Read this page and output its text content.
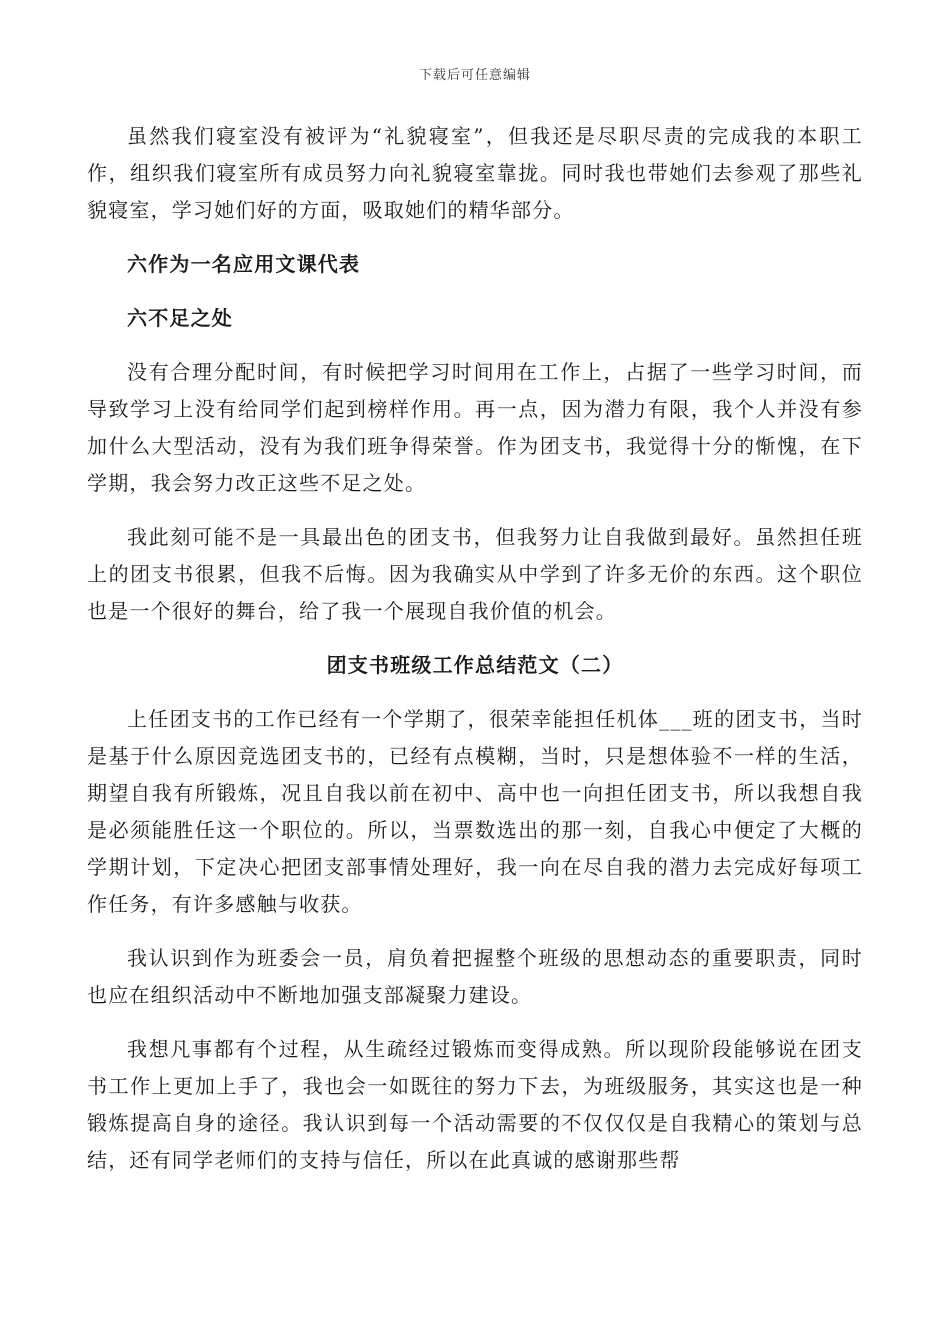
下载后可任意编辑

虽然我们寝室没有被评为“礼貌寝室”，但我还是尽职尽责的完成我的本职工作，组织我们寝室所有成员努力向礼貌寝室靠拢。同时我也带她们去参观了那些礼貌寝室，学习她们好的方面，吸取她们的精华部分。

六作为一名应用文课代表

六不足之处

没有合理分配时间，有时候把学习时间用在工作上，占据了一些学习时间，而导致学习上没有给同学们起到榜样作用。再一点，因为潜力有限，我个人并没有参加什么大型活动，没有为我们班争得荣誉。作为团支书，我觉得十分的惭愧，在下学期，我会努力改正这些不足之处。

我此刻可能不是一具最出色的团支书，但我努力让自我做到最好。虽然担任班上的团支书很累，但我不后悔。因为我确实从中学到了许多无价的东西。这个职位也是一个很好的舞台，给了我一个展现自我价值的机会。

团支书班级工作总结范文（二）

上任团支书的工作已经有一个学期了，很荣幸能担任机体___班的团支书，当时是基于什么原因竞选团支书的，已经有点模糊，当时，只是想体验不一样的生活，期望自我有所锻炼，况且自我以前在初中、高中也一向担任团支书，所以我想自我是必须能胜任这一个职位的。所以，当票数选出的那一刻，自我心中便定了大概的学期计划，下定决心把团支部事情处理好，我一向在尽自我的潜力去完成好每项工作任务，有许多感触与收获。

我认识到作为班委会一员，肩负着把握整个班级的思想动态的重要职责，同时也应在组织活动中不断地加强支部凝聚力建设。

我想凡事都有个过程，从生疏经过锻炼而变得成熟。所以现阶段能够说在团支书工作上更加上手了，我也会一如既往的努力下去，为班级服务，其实这也是一种锻炼提高自身的途径。我认识到每一个活动需要的不仅仅仅是自我精心的策划与总结，还有同学老师们的支持与信任，所以在此真诚的感谢那些帮
